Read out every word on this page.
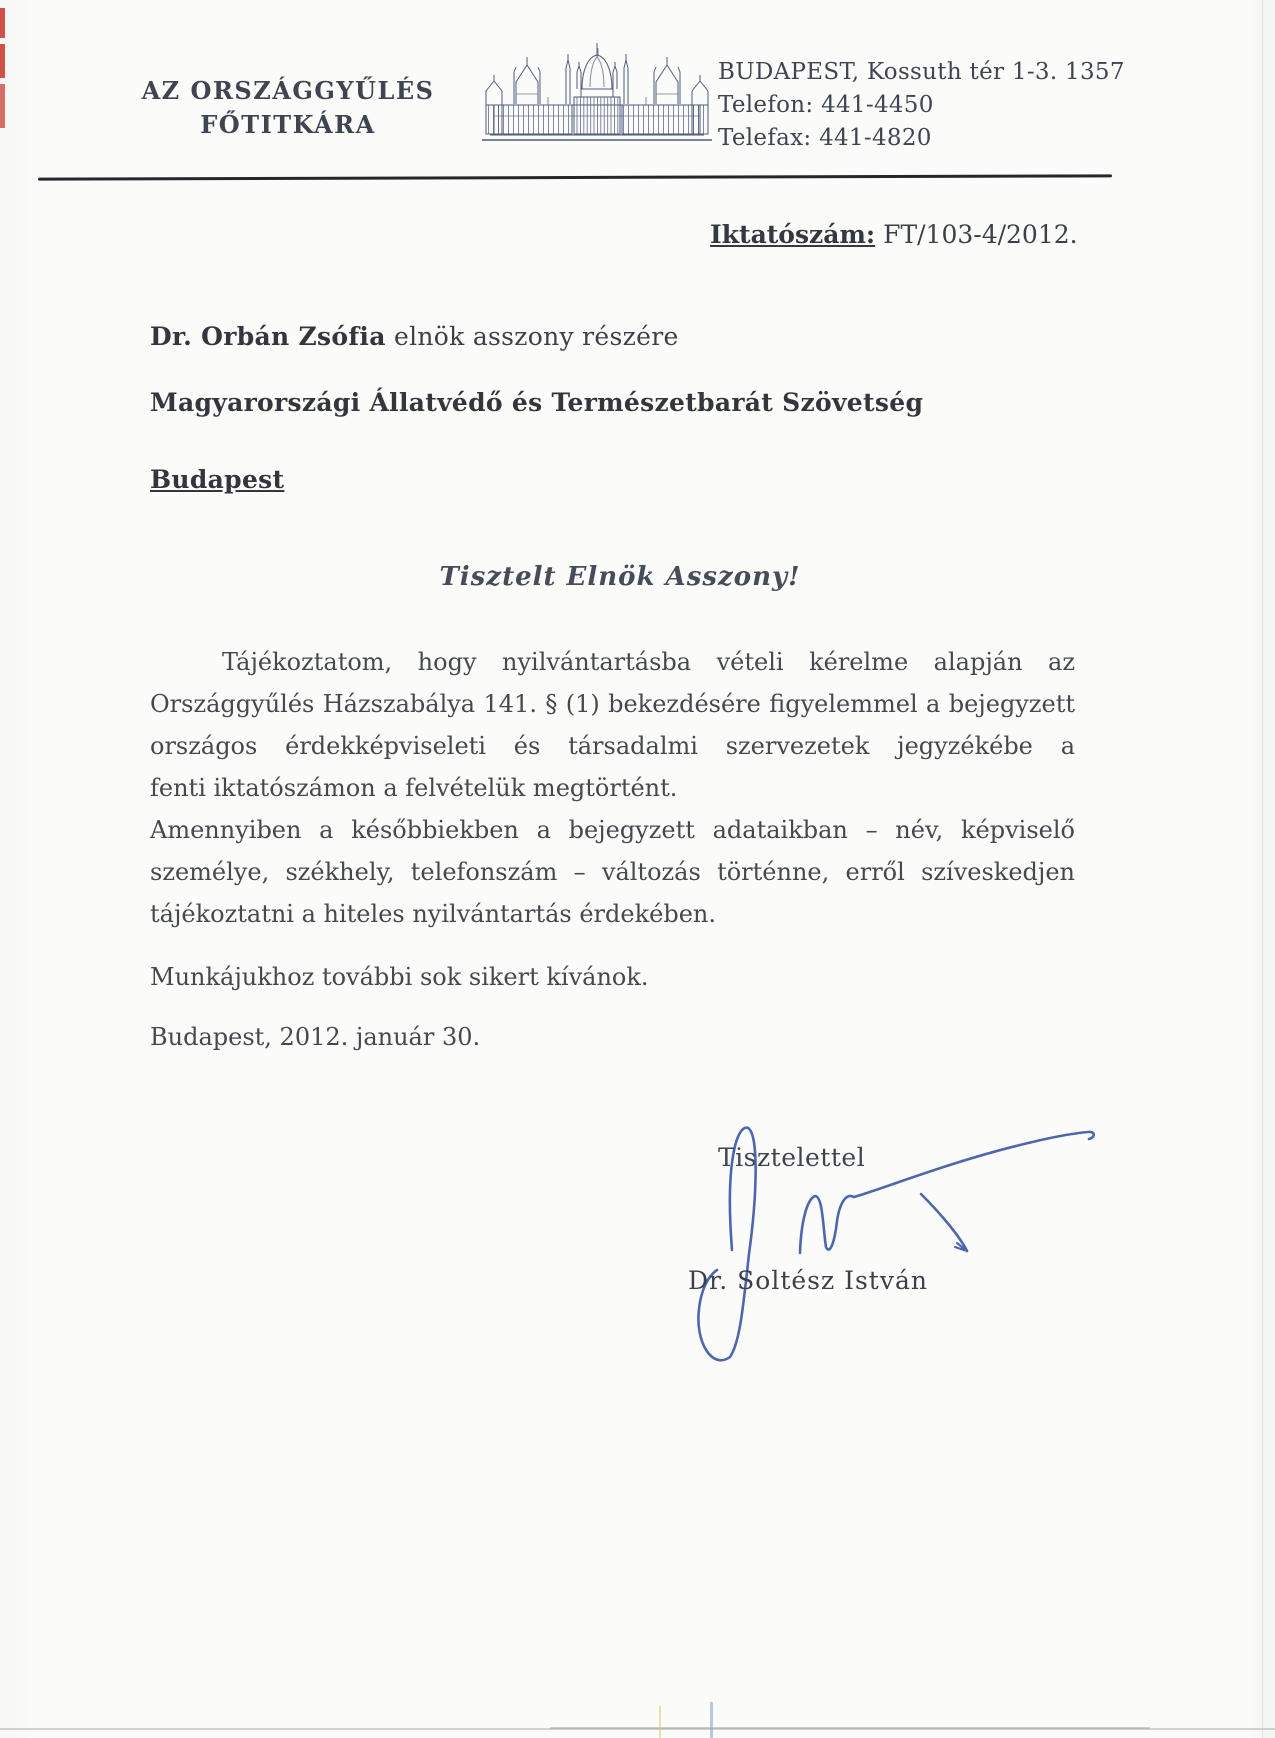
AZ ORSZÁGGYŰLÉS
FŐTITKÁRA
BUDAPEST, Kossuth tér 1-3. 1357
Telefon: 441-4450
Telefax: 441-4820
Iktatószám: FT/103-4/2012.
Dr. Orbán Zsófia elnök asszony részére
Magyarországi Állatvédő és Természetbarát Szövetség
Budapest
Tisztelt Elnök Asszony!
Tájékoztatom, hogy nyilvántartásba vételi kérelme alapján az
Országgyűlés Házszabálya 141. § (1) bekezdésére figyelemmel a bejegyzett
országos érdekképviseleti és társadalmi szervezetek jegyzékébe a
fenti iktatószámon a felvételük megtörtént.
Amennyiben a későbbiekben a bejegyzett adataikban – név, képviselő
személye, székhely, telefonszám – változás történne, erről szíveskedjen
tájékoztatni a hiteles nyilvántartás érdekében.
Munkájukhoz további sok sikert kívánok.
Budapest, 2012. január 30.
Tisztelettel
Dr. Soltész István
